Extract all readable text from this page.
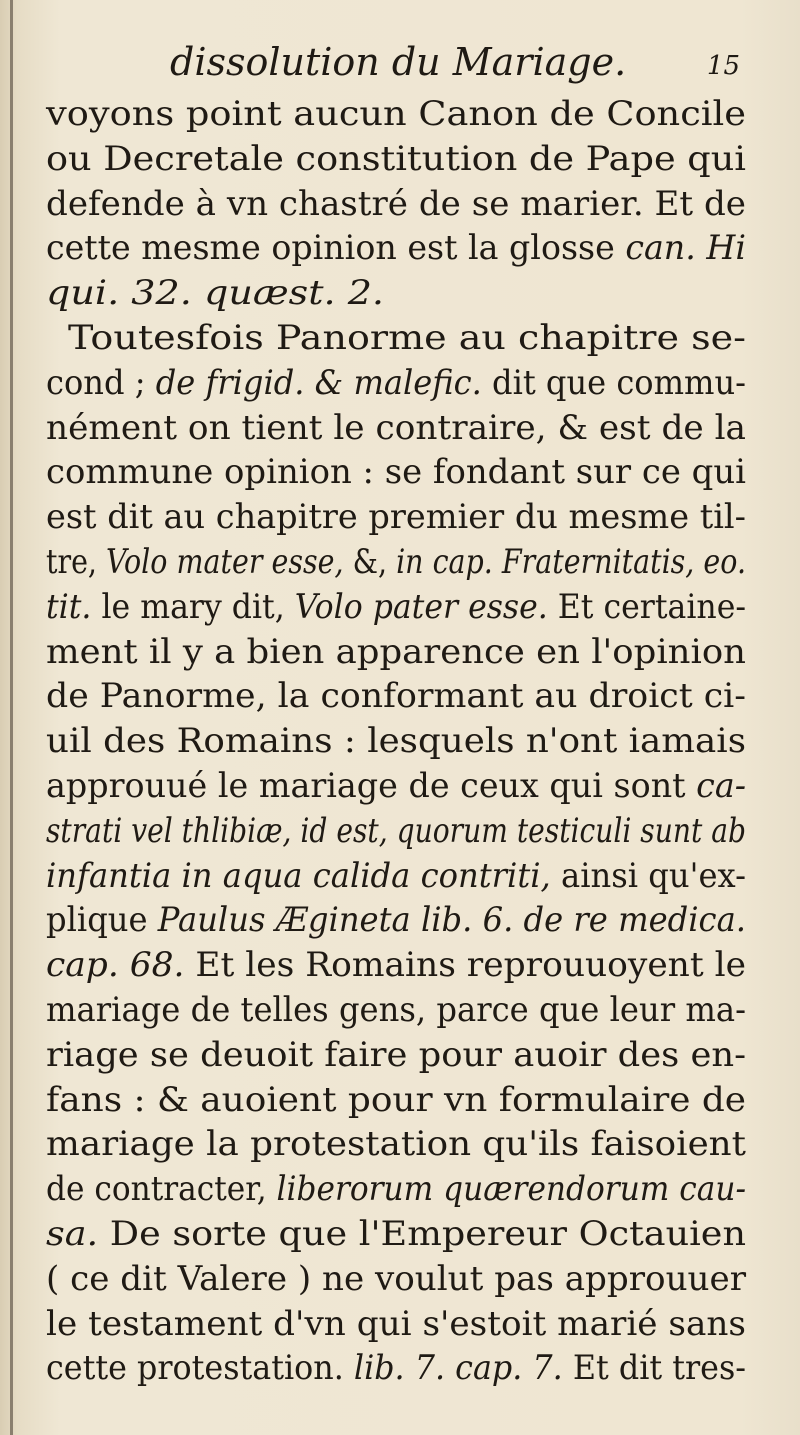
dissolution du Mariage.	15
voyons point aucun Canon de Concile
ou Decretale constitution de Pape qui
defende à vn chastré de se marier. Et de
cette mesme opinion est la glosse can. Hi
qui. 32. quæst. 2.
Toutesfois Panorme au chapitre se-
cond ; de frigid. & malefic. dit que commu-
nément on tient le contraire, & est de la
commune opinion : se fondant sur ce qui
est dit au chapitre premier du mesme til-
tre, Volo mater esse, &, in cap. Fraternitatis, eo.
tit. le mary dit, Volo pater esse. Et certaine-
ment il y a bien apparence en l'opinion
de Panorme, la conformant au droict ci-
uil des Romains : lesquels n'ont iamais
approuué le mariage de ceux qui sont ca-
strati vel thlibiæ, id est, quorum testiculi sunt ab
infantia in aqua calida contriti, ainsi qu'ex-
plique Paulus Ægineta lib. 6. de re medica.
cap. 68. Et les Romains reprouuoyent le
mariage de telles gens, parce que leur ma-
riage se deuoit faire pour auoir des en-
fans : & auoient pour vn formulaire de
mariage la protestation qu'ils faisoient
de contracter, liberorum quærendorum cau-
sa. De sorte que l'Empereur Octauien
( ce dit Valere ) ne voulut pas approuuer
le testament d'vn qui s'estoit marié sans
cette protestation. lib. 7. cap. 7. Et dit tres-
